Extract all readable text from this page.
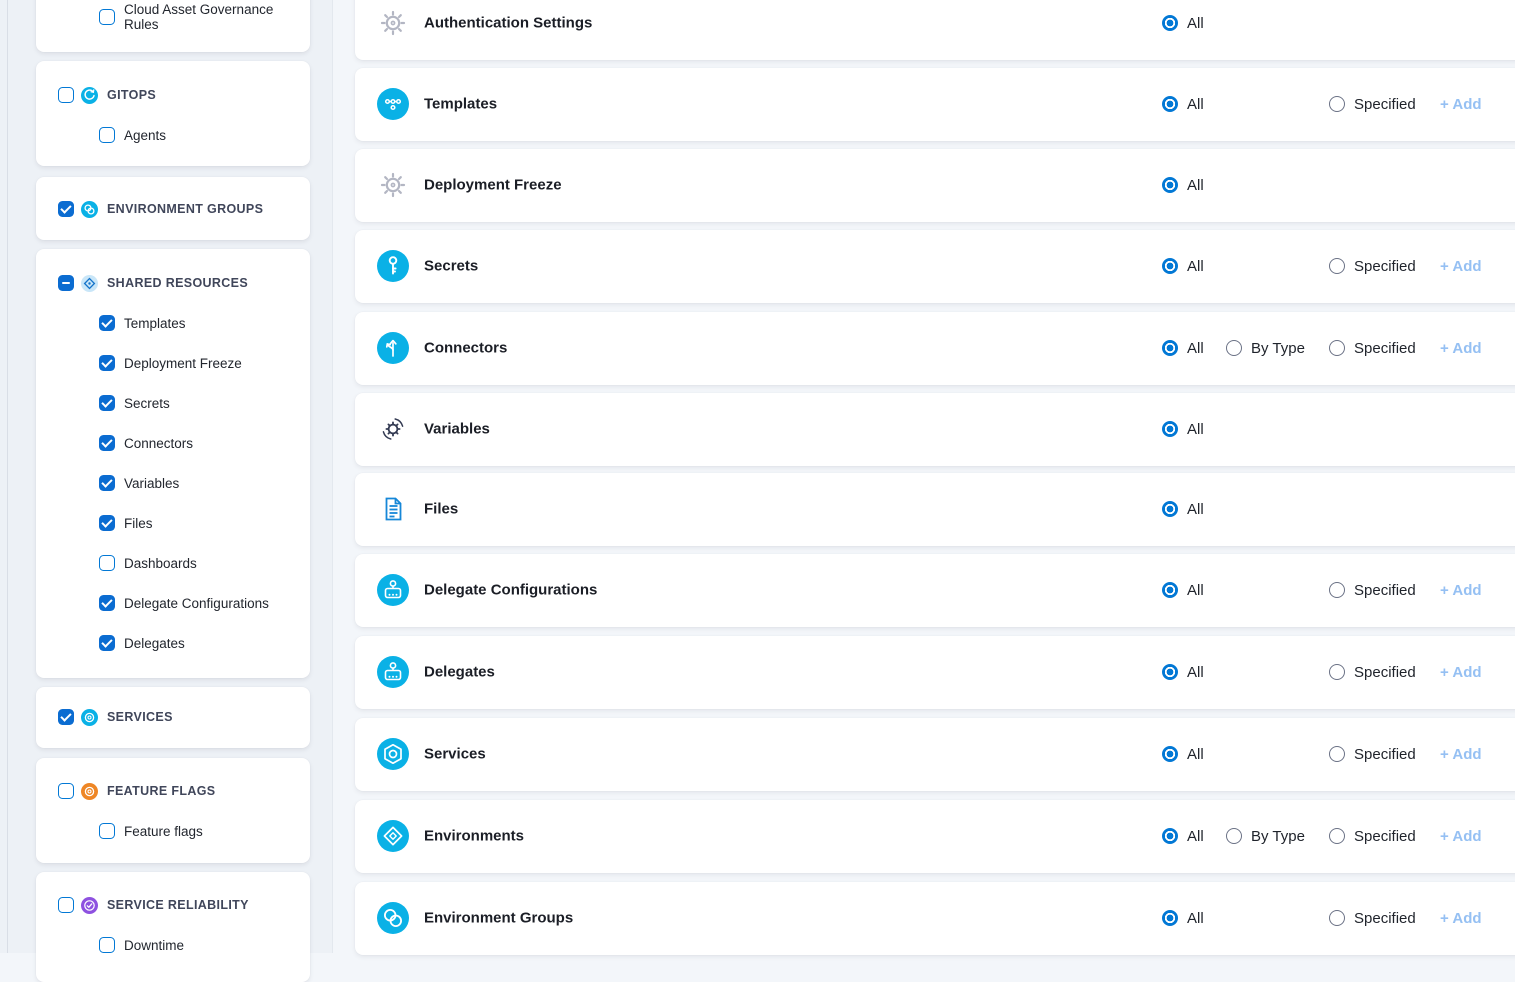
Cloud Asset Governance Rules
GITOPS
Agents
ENVIRONMENT GROUPS
SHARED RESOURCES
Templates
Deployment Freeze
Secrets
Connectors
Variables
Files
Dashboards
Delegate Configurations
Delegates
SERVICES
FEATURE FLAGS
Feature flags
SERVICE RELIABILITY
Downtime
Authentication Settings	All
Templates	All	Specified + Add
Deployment Freeze	All
Secrets	All	Specified + Add
Connectors	All	By Type	Specified + Add
Variables	All
Files	All
Delegate Configurations	All	Specified + Add
Delegates	All	Specified + Add
Services	All	Specified + Add
Environments	All	By Type	Specified + Add
Environment Groups	All	Specified + Add
